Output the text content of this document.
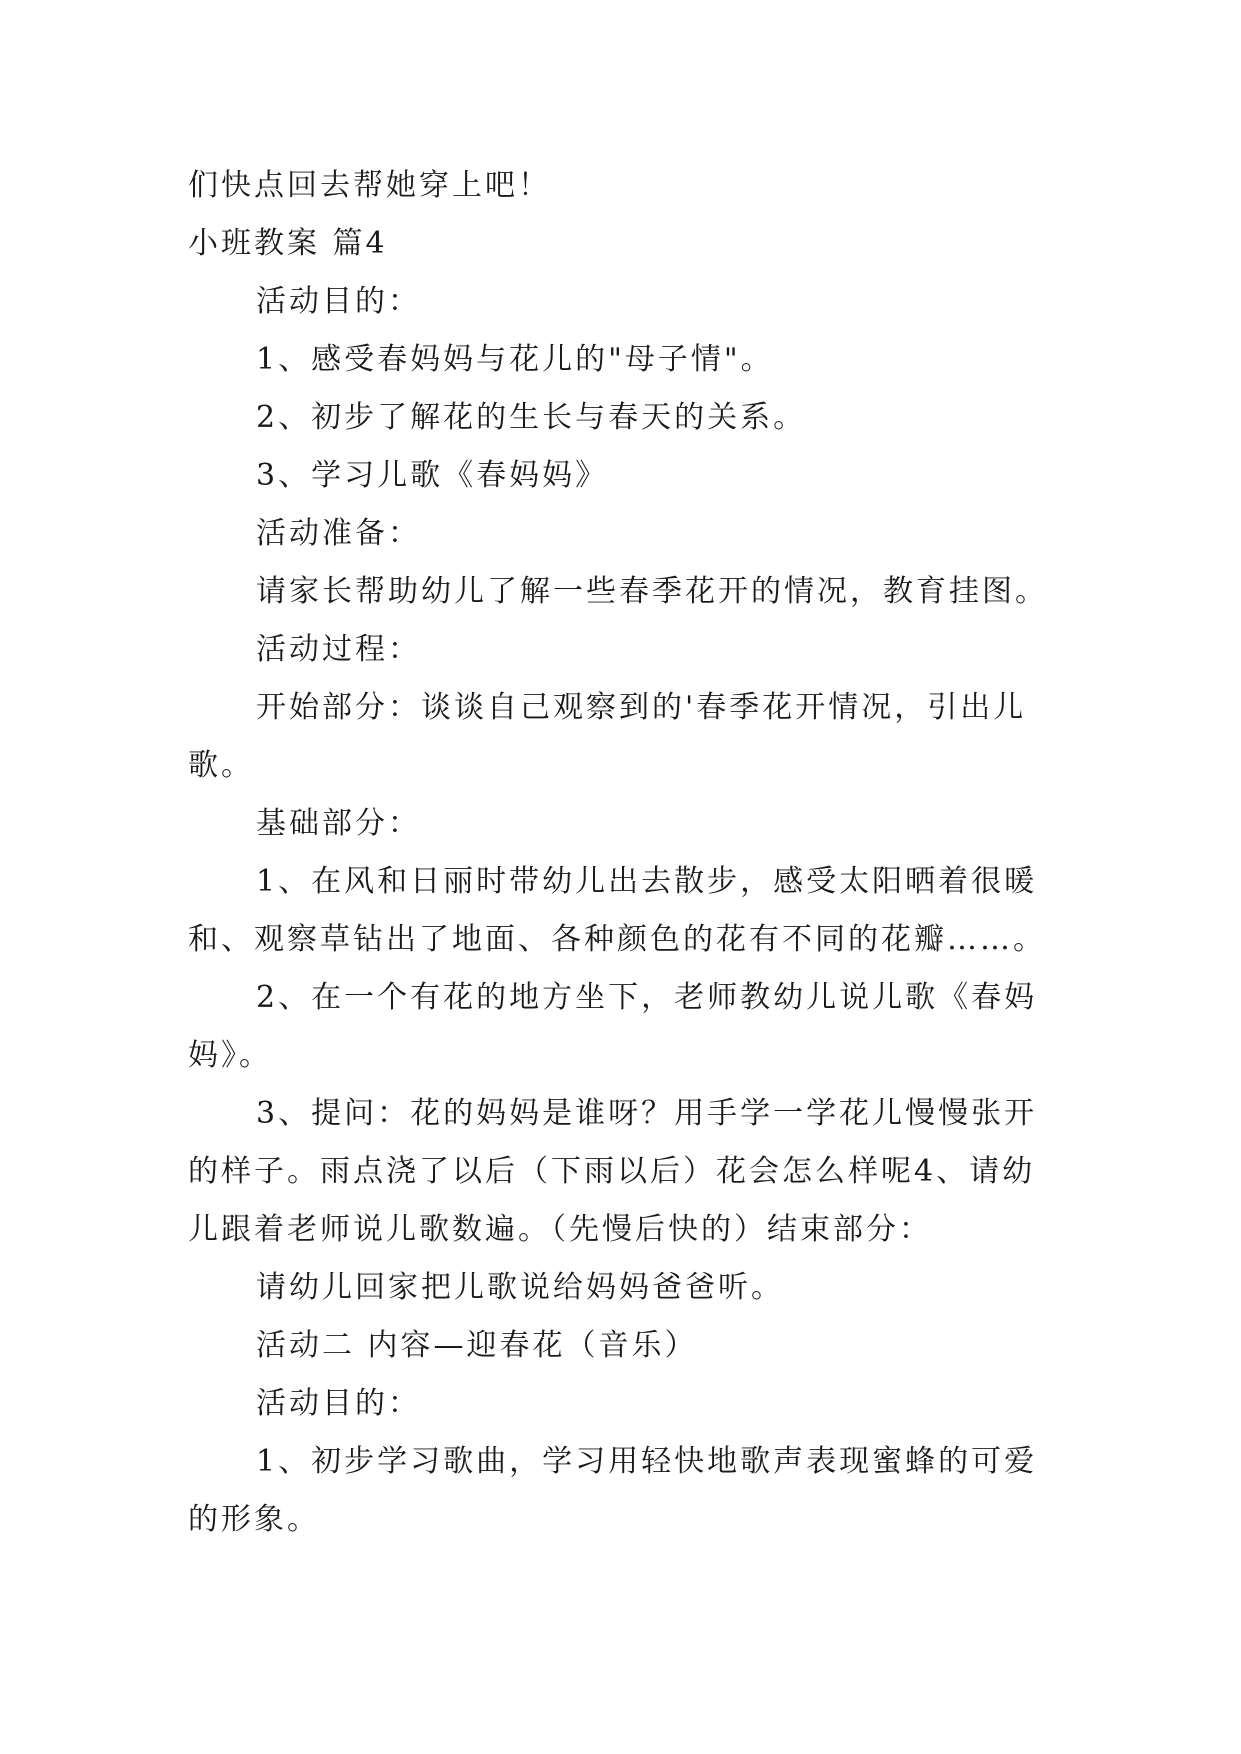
们快点回去帮她穿上吧！
小班教案 篇4
活动目的：
1、感受春妈妈与花儿的"母子情"。
2、初步了解花的生长与春天的关系。
3、学习儿歌《春妈妈》
活动准备：
请家长帮助幼儿了解一些春季花开的情况，教育挂图。
活动过程：
开始部分：谈谈自己观察到的'春季花开情况，引出儿
歌。
基础部分：
1、在风和日丽时带幼儿出去散步，感受太阳晒着很暖
和、观察草钻出了地面、各种颜色的花有不同的花瓣……。
2、在一个有花的地方坐下，老师教幼儿说儿歌《春妈
妈》。
3、提问：花的妈妈是谁呀？用手学一学花儿慢慢张开
的样子。雨点浇了以后（下雨以后）花会怎么样呢4、请幼
儿跟着老师说儿歌数遍。（先慢后快的）结束部分：
请幼儿回家把儿歌说给妈妈爸爸听。
活动二 内容—迎春花（音乐）
活动目的：
1、初步学习歌曲，学习用轻快地歌声表现蜜蜂的可爱
的形象。
